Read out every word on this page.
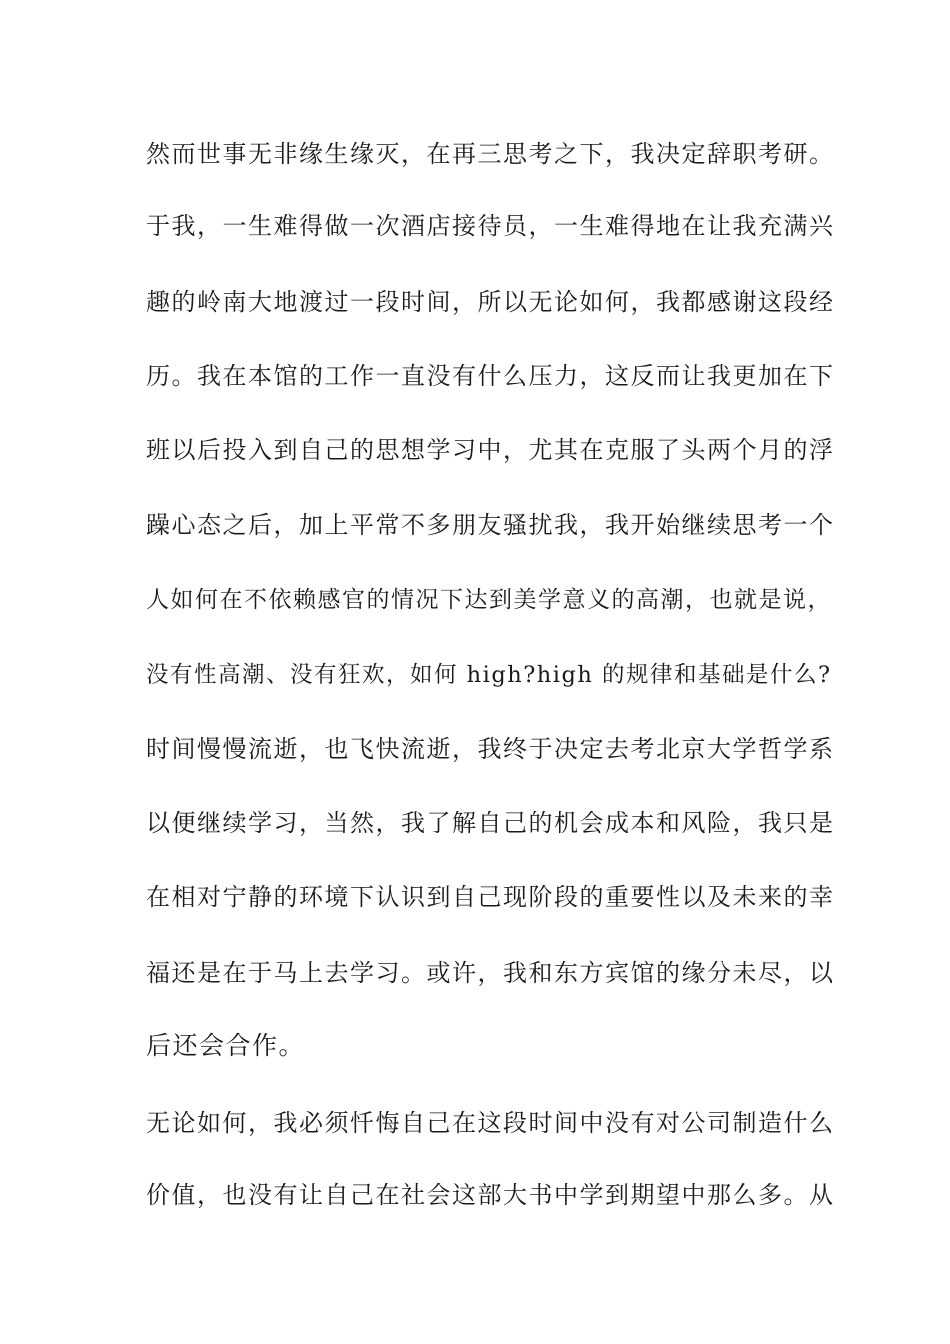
然而世事无非缘生缘灭，在再三思考之下，我决定辞职考研。
于我，一生难得做一次酒店接待员，一生难得地在让我充满兴
趣的岭南大地渡过一段时间，所以无论如何，我都感谢这段经
历。我在本馆的工作一直没有什么压力，这反而让我更加在下
班以后投入到自己的思想学习中，尤其在克服了头两个月的浮
躁心态之后，加上平常不多朋友骚扰我，我开始继续思考一个
人如何在不依赖感官的情况下达到美学意义的高潮，也就是说，
没有性高潮、没有狂欢，如何 high?high 的规律和基础是什么?
时间慢慢流逝，也飞快流逝，我终于决定去考北京大学哲学系
以便继续学习，当然，我了解自己的机会成本和风险，我只是
在相对宁静的环境下认识到自己现阶段的重要性以及未来的幸
福还是在于马上去学习。或许，我和东方宾馆的缘分未尽，以
后还会合作。
无论如何，我必须忏悔自己在这段时间中没有对公司制造什么
价值，也没有让自己在社会这部大书中学到期望中那么多。从
